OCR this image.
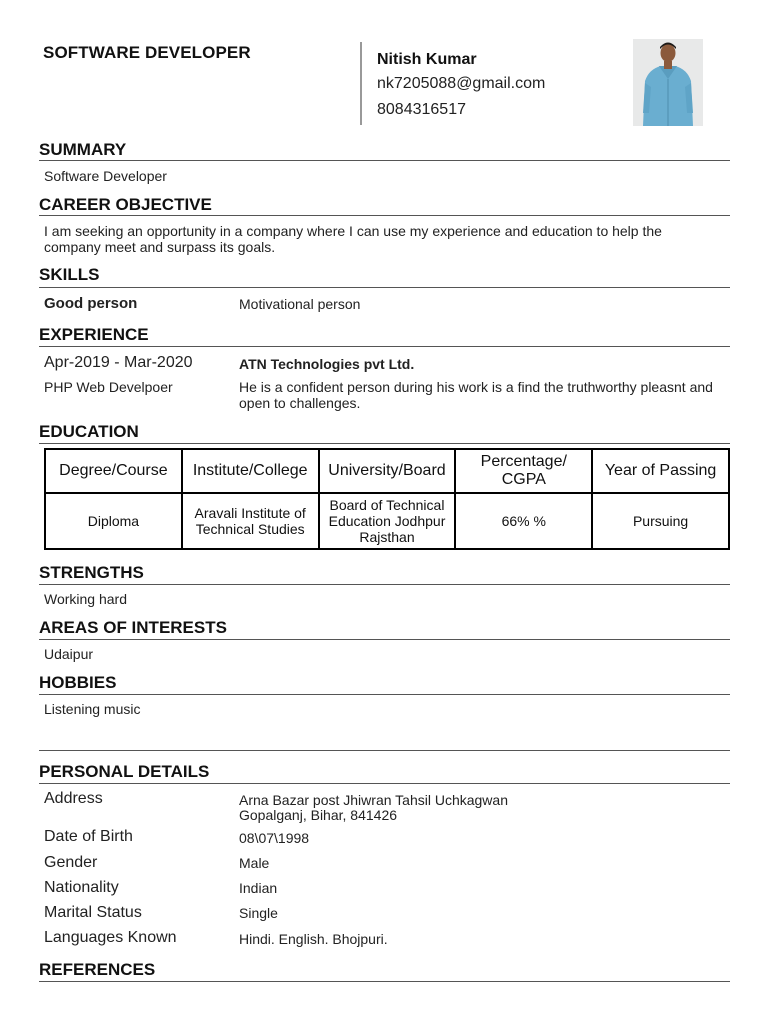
SOFTWARE DEVELOPER	Nitish Kumar
nk7205088@gmail.com
8084316517
SUMMARY
Software Developer
CAREER OBJECTIVE
I am seeking an opportunity in a company where I can use my experience and education to help the
company meet and surpass its goals.
SKILLS
Good person	Motivational person
EXPERIENCE
Apr-2019 - Mar-2020	ATN Technologies pvt Ltd.
PHP Web Develpoer	He is a confident person during his work is a find the truthworthy pleasnt and
open to challenges.
EDUCATION
Degree/Course	Institute/College	University/Board	Percentage/ CGPA	Year of Passing
Diploma	Aravali Institute of Technical Studies	Board of Technical Education Jodhpur Rajsthan	66% %	Pursuing
STRENGTHS
Working hard
AREAS OF INTERESTS
Udaipur
HOBBIES
Listening music
PERSONAL DETAILS
Address	Arna Bazar post Jhiwran Tahsil Uchkagwan
Gopalganj, Bihar, 841426
Date of Birth	08\07\1998
Gender	Male
Nationality	Indian
Marital Status	Single
Languages Known	Hindi. English. Bhojpuri.
REFERENCES
